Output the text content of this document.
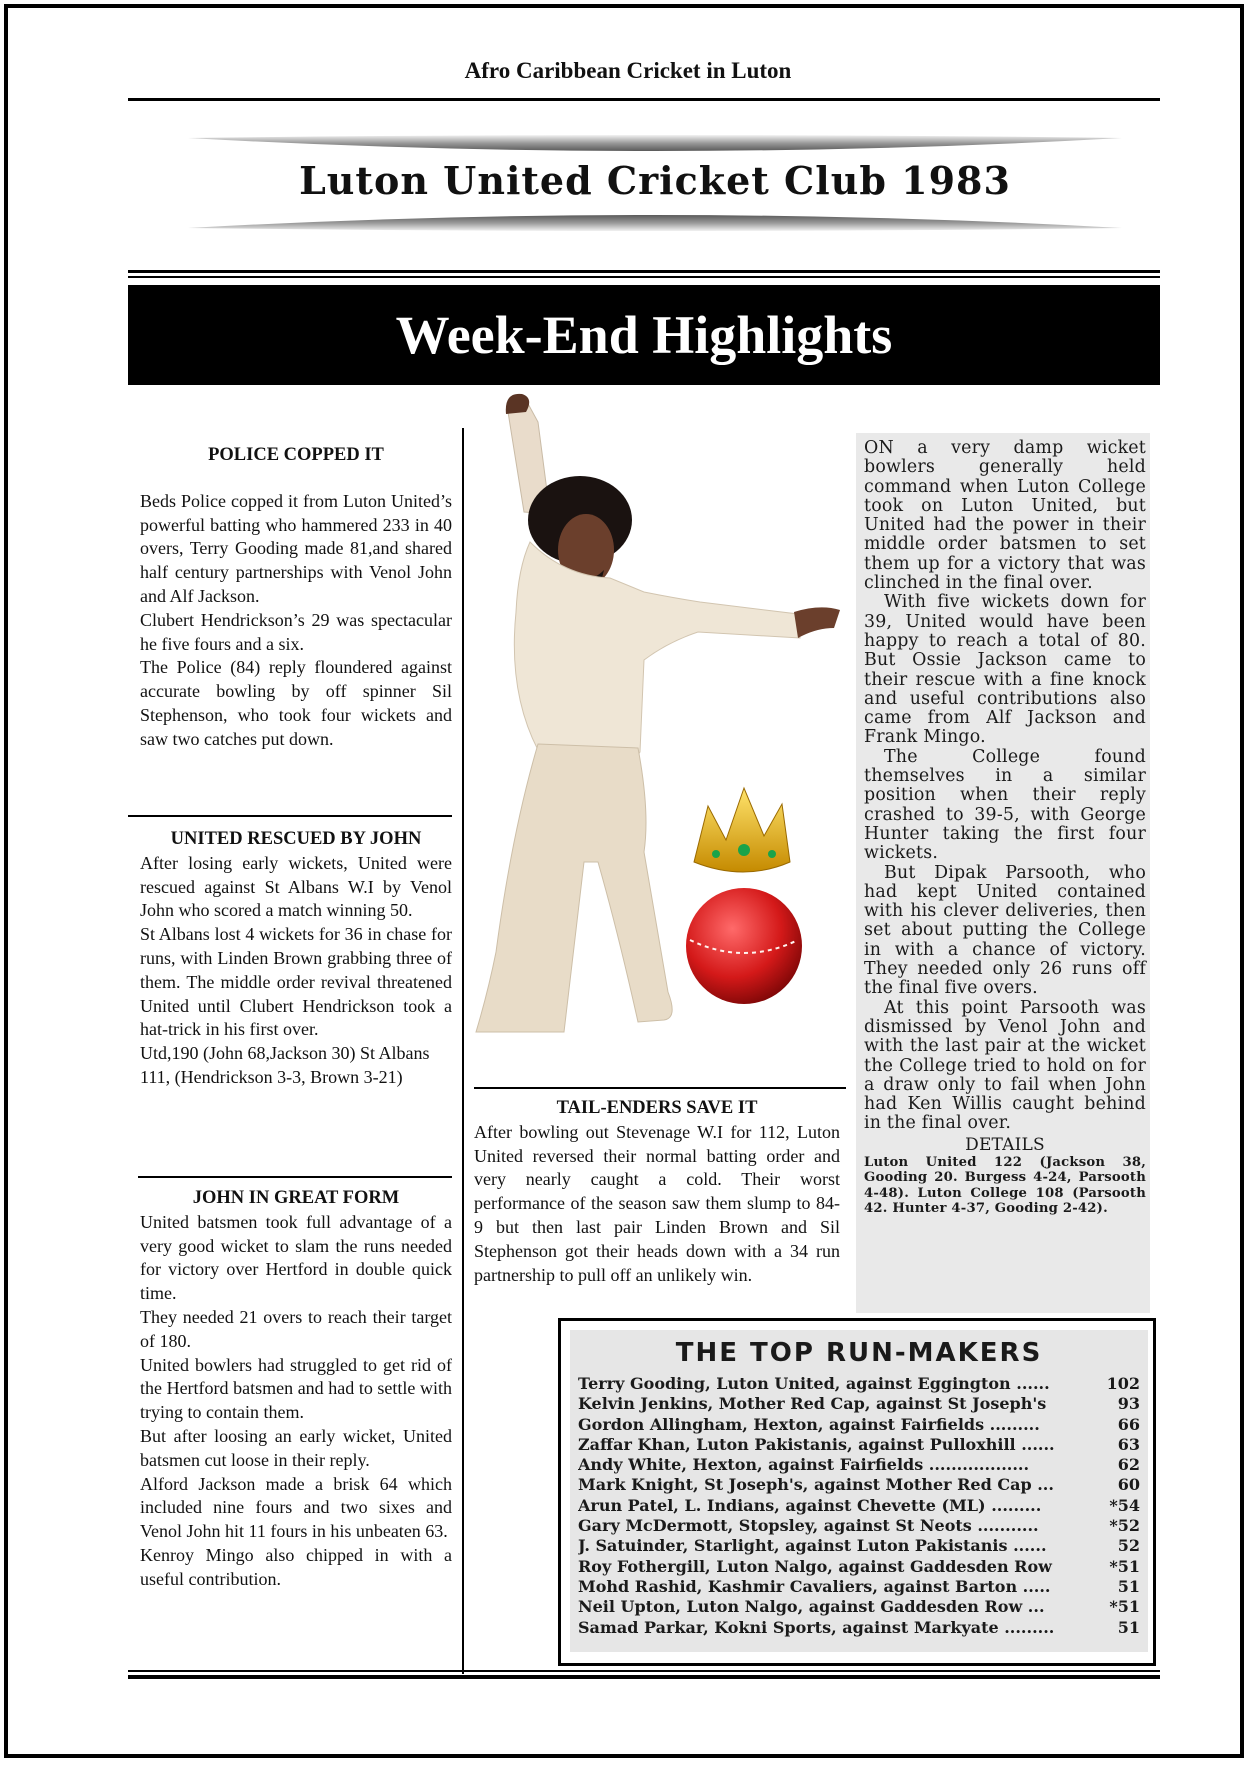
Afro Caribbean Cricket in Luton
Luton United Cricket Club 1983
Week-End Highlights
POLICE COPPED IT

Beds Police copped it from Luton United’s powerful batting who hammered 233 in 40 overs, Terry Gooding made 81,and shared half century partnerships with Venol John and Alf Jackson.

Clubert Hendrickson’s 29 was spectacular he five fours and a six.

The Police (84) reply floundered against accurate bowling by off spinner Sil Stephenson, who took four wickets and saw two catches put down.

UNITED RESCUED BY JOHN

After losing early wickets, United were rescued against St Albans W.I by Venol John who scored a match winning 50.

St Albans lost 4 wickets for 36 in chase for runs, with Linden Brown grabbing three of them. The middle order revival threatened United until Clubert Hendrickson took a hat-trick in his first over.

Utd,190 (John 68,Jackson 30) St Albans 111, (Hendrickson 3-3, Brown 3-21)

JOHN IN GREAT FORM

United batsmen took full advantage of a very good wicket to slam the runs needed for victory over Hertford in double quick time.

They needed 21 overs to reach their target of 180.

United bowlers had struggled to get rid of the Hertford batsmen and had to settle with trying to contain them.

But after loosing an early wicket, United batsmen cut loose in their reply.

Alford Jackson made a brisk 64 which included nine fours and two sixes and Venol John hit 11 fours in his unbeaten 63.

Kenroy Mingo also chipped in with a useful contribution.

TAIL-ENDERS SAVE IT

After bowling out Stevenage W.I for 112, Luton United reversed their normal batting order and very nearly caught a cold. Their worst performance of the season saw them slump to 84-9 but then last pair Linden Brown and Sil Stephenson got their heads down with a 34 run partnership to pull off an unlikely win.

ON a very damp wicket bowlers generally held command when Luton College took on Luton United, but United had the power in their middle order batsmen to set them up for a victory that was clinched in the final over.

With five wickets down for 39, United would have been happy to reach a total of 80. But Ossie Jackson came to their rescue with a fine knock and useful contributions also came from Alf Jackson and Frank Mingo.

The College found themselves in a similar position when their reply crashed to 39-5, with George Hunter taking the first four wickets.

But Dipak Parsooth, who had kept United contained with his clever deliveries, then set about putting the College in with a chance of victory. They needed only 26 runs off the final five overs.

At this point Parsooth was dismissed by Venol John and with the last pair at the wicket the College tried to hold on for a draw only to fail when John had Ken Willis caught behind in the final over.

DETAILS
Luton United 122 (Jackson 38, Gooding 20. Burgess 4-24, Parsooth 4-48). Luton College 108 (Parsooth 42. Hunter 4-37, Gooding 2-42).
THE TOP RUN-MAKERS
Terry Gooding, Luton United, against Eggington ......	102
Kelvin Jenkins, Mother Red Cap, against St Joseph's	93
Gordon Allingham, Hexton, against Fairfields .........	66
Zaffar Khan, Luton Pakistanis, against Pulloxhill ......	63
Andy White, Hexton, against Fairfields ..................	62
Mark Knight, St Joseph's, against Mother Red Cap ...	60
Arun Patel, L. Indians, against Chevette (ML) .........	*54
Gary McDermott, Stopsley, against St Neots ...........	*52
J. Satuinder, Starlight, against Luton Pakistanis ......	52
Roy Fothergill, Luton Nalgo, against Gaddesden Row	*51
Mohd Rashid, Kashmir Cavaliers, against Barton .....	51
Neil Upton, Luton Nalgo, against Gaddesden Row ...	*51
Samad Parkar, Kokni Sports, against Markyate .........	51
